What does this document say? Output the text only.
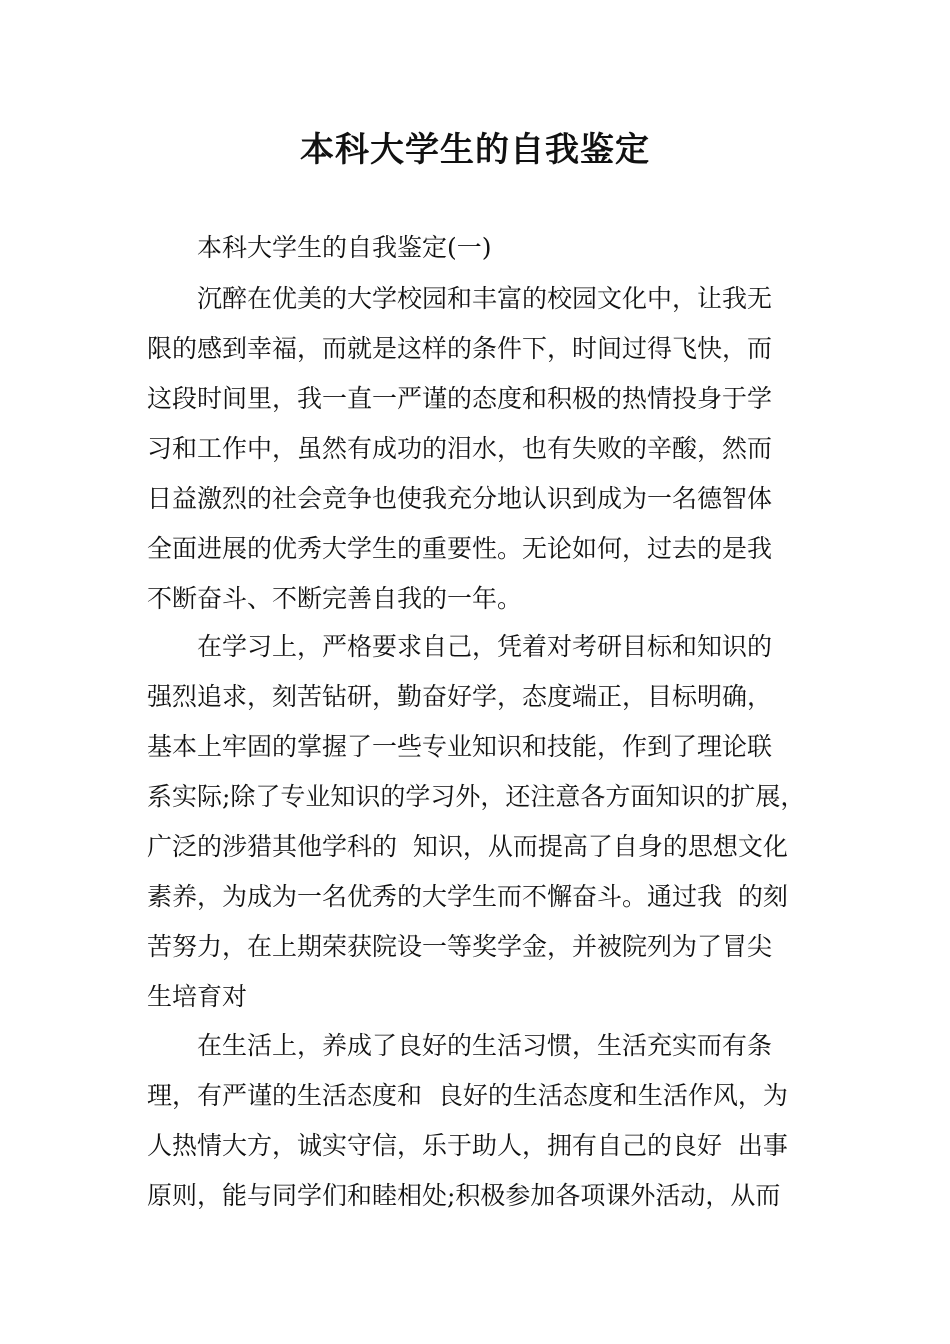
本科大学生的自我鉴定
本科大学生的自我鉴定(一)
沉醉在优美的大学校园和丰富的校园文化中，让我无
限的感到幸福，而就是这样的条件下，时间过得飞快，而
这段时间里，我一直一严谨的态度和积极的热情投身于学
习和工作中，虽然有成功的泪水，也有失败的辛酸，然而
日益激烈的社会竞争也使我充分地认识到成为一名德智体
全面进展的优秀大学生的重要性。无论如何，过去的是我
不断奋斗、不断完善自我的一年。
在学习上，严格要求自己，凭着对考研目标和知识的
强烈追求，刻苦钻研，勤奋好学，态度端正，目标明确，
基本上牢固的掌握了一些专业知识和技能，作到了理论联
系实际;除了专业知识的学习外，还注意各方面知识的扩展，
广泛的涉猎其他学科的  知识，从而提高了自身的思想文化
素养，为成为一名优秀的大学生而不懈奋斗。通过我  的刻
苦努力，在上期荣获院设一等奖学金，并被院列为了冒尖
生培育对
在生活上，养成了良好的生活习惯，生活充实而有条
理，有严谨的生活态度和  良好的生活态度和生活作风，为
人热情大方，诚实守信，乐于助人，拥有自己的良好  出事
原则，能与同学们和睦相处;积极参加各项课外活动，从而
